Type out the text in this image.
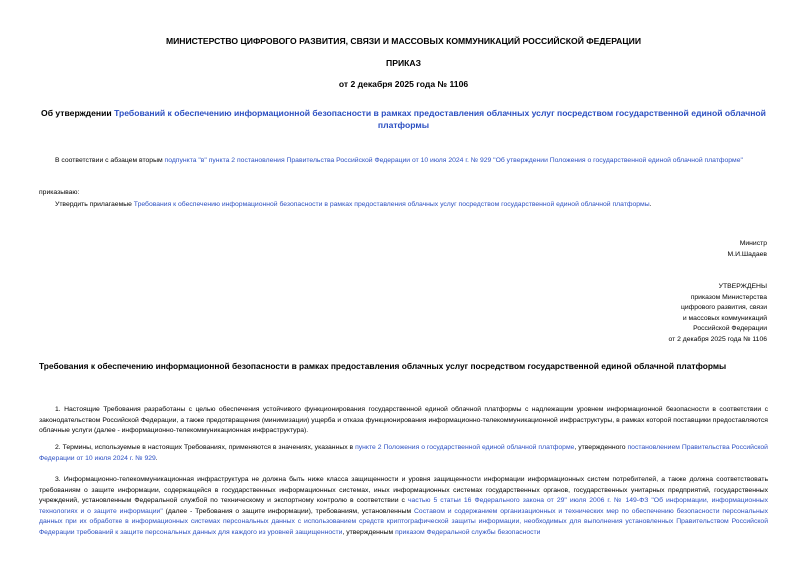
МИНИСТЕРСТВО ЦИФРОВОГО РАЗВИТИЯ, СВЯЗИ И МАССОВЫХ КОММУНИКАЦИЙ РОССИЙСКОЙ ФЕДЕРАЦИИ
ПРИКАЗ
от 2 декабря 2025 года № 1106
Об утверждении Требований к обеспечению информационной безопасности в рамках предоставления облачных услуг посредством государственной единой облачной платформы
В соответствии с абзацем вторым подпункта "в" пункта 2 постановления Правительства Российской Федерации от 10 июля 2024 г. № 929 "Об утверждении Положения о государственной единой облачной платформе"
приказываю:
Утвердить прилагаемые Требования к обеспечению информационной безопасности в рамках предоставления облачных услуг посредством государственной единой облачной платформы.
Министр
М.И.Шадаев
УТВЕРЖДЕНЫ
приказом Министерства
цифрового развития, связи
и массовых коммуникаций
Российской Федерации
от 2 декабря 2025 года № 1106
Требования к обеспечению информационной безопасности в рамках предоставления облачных услуг посредством государственной единой облачной платформы
1. Настоящие Требования разработаны с целью обеспечения устойчивого функционирования государственной единой облачной платформы с надлежащим уровнем информационной безопасности в соответствии с законодательством Российской Федерации, а также предотвращения (минимизации) ущерба и отказа функционирования информационно-телекоммуникационной инфраструктуры, в рамках которой поставщики предоставляются облачные услуги (далее - информационно-телекоммуникационная инфраструктура).
2. Термины, используемые в настоящих Требованиях, применяются в значениях, указанных в пункте 2 Положения о государственной единой облачной платформе, утвержденного постановлением Правительства Российской Федерации от 10 июля 2024 г. № 929.
3. Информационно-телекоммуникационная инфраструктура не должна быть ниже класса защищенности и уровня защищенности информации информационных систем потребителей, а также должна соответствовать требованиям о защите информации, содержащейся в государственных информационных системах, иных информационных системах государственных органов, государственных унитарных предприятий, государственных учреждений, установленным Федеральной службой по техническому и экспортному контролю в соответствии с частью 5 статьи 16 Федерального закона от 29" июля 2006 г. № 149-ФЗ "Об информации, информационных технологиях и о защите информации" (далее - Требования о защите информации), требованиям, установленным Составом и содержанием организационных и технических мер по обеспечению безопасности персональных данных при их обработке в информационных системах персональных данных с использованием средств криптографической защиты информации, необходимых для выполнения установленных Правительством Российской Федерации требований к защите персональных данных для каждого из уровней защищенности, утвержденным приказом Федеральной службы безопасности
